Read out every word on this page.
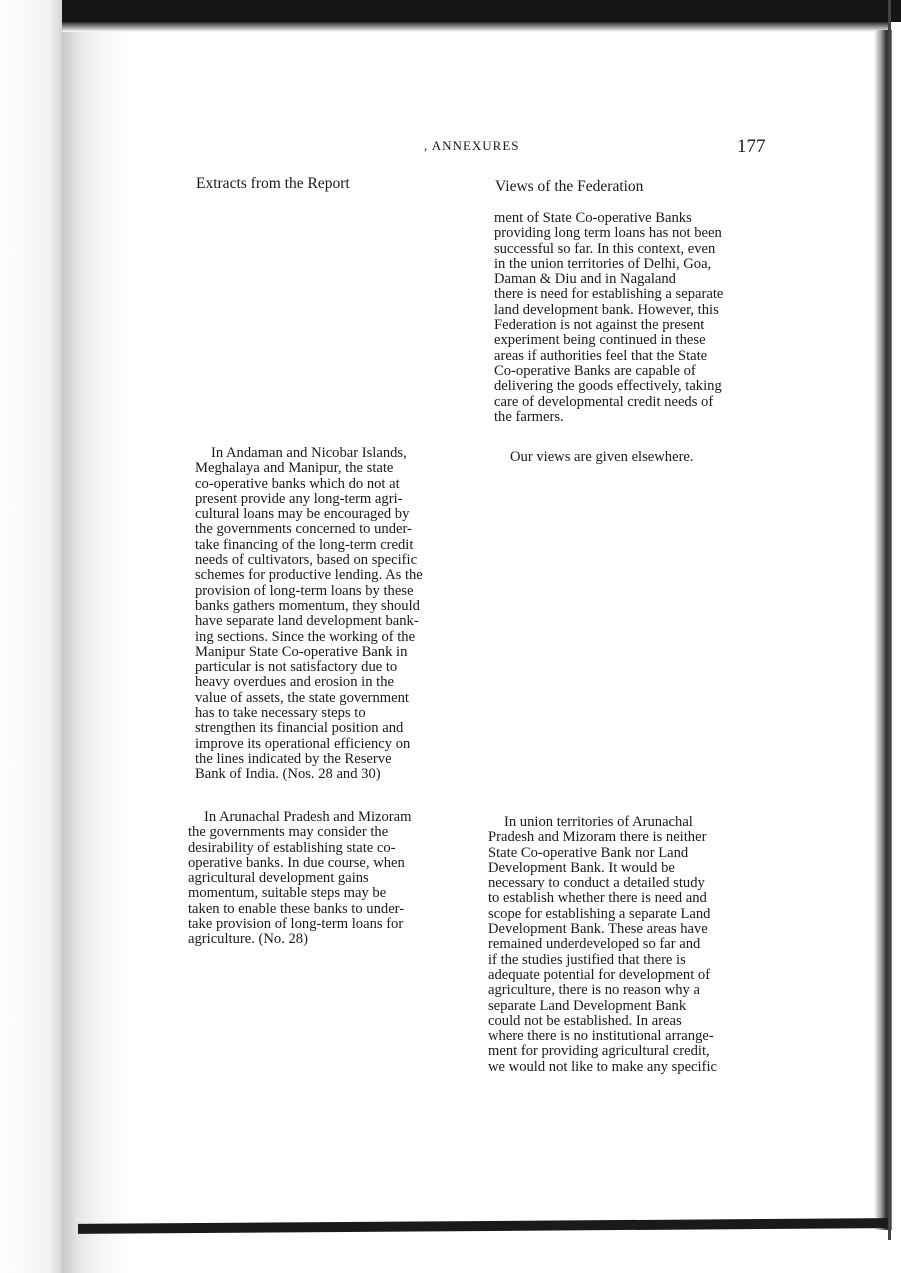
, ANNEXURES	177
Extracts from the Report	Views of the Federation
In Andaman and Nicobar Islands,
Meghalaya and Manipur, the state
co-operative banks which do not at
present provide any long-term agri-
cultural loans may be encouraged by
the governments concerned to under-
take financing of the long-term credit
needs of cultivators, based on specific
schemes for productive lending. As the
provision of long-term loans by these
banks gathers momentum, they should
have separate land development bank-
ing sections. Since the working of the
Manipur State Co-operative Bank in
particular is not satisfactory due to
heavy overdues and erosion in the
value of assets, the state government
has to take necessary steps to
strengthen its financial position and
improve its operational efficiency on
the lines indicated by the Reserve
Bank of India. (Nos. 28 and 30)
In Arunachal Pradesh and Mizoram
the governments may consider the
desirability of establishing state co-
operative banks. In due course, when
agricultural development gains
momentum, suitable steps may be
taken to enable these banks to under-
take provision of long-term loans for
agriculture. (No. 28)
ment of State Co-operative Banks
providing long term loans has not been
successful so far. In this context, even
in the union territories of Delhi, Goa,
Daman & Diu and in Nagaland
there is need for establishing a separate
land development bank. However, this
Federation is not against the present
experiment being continued in these
areas if authorities feel that the State
Co-operative Banks are capable of
delivering the goods effectively, taking
care of developmental credit needs of
the farmers.
Our views are given elsewhere.
In union territories of Arunachal
Pradesh and Mizoram there is neither
State Co-operative Bank nor Land
Development Bank. It would be
necessary to conduct a detailed study
to establish whether there is need and
scope for establishing a separate Land
Development Bank. These areas have
remained underdeveloped so far and
if the studies justified that there is
adequate potential for development of
agriculture, there is no reason why a
separate Land Development Bank
could not be established. In areas
where there is no institutional arrange-
ment for providing agricultural credit,
we would not like to make any specific
